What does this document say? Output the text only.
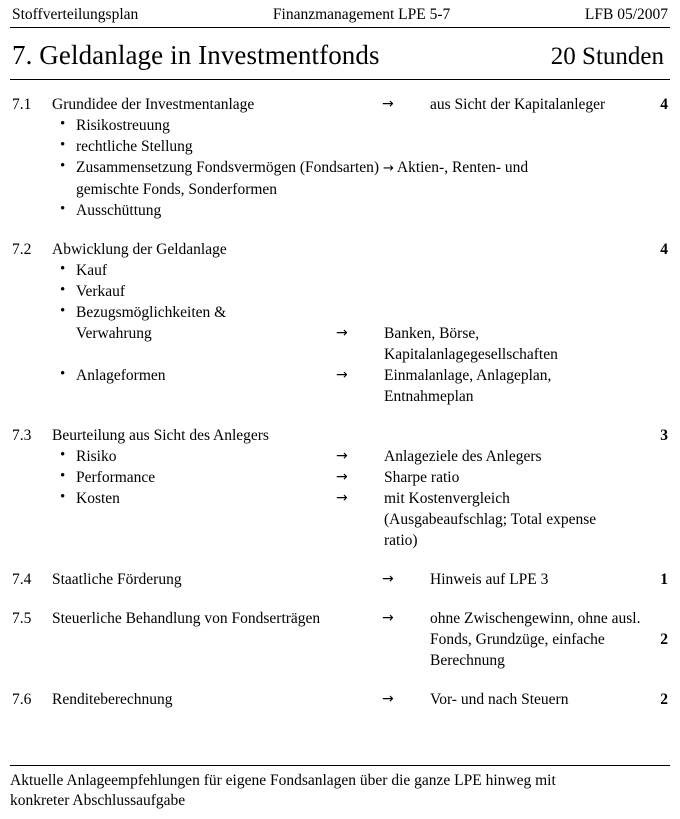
Stoffverteilungsplan	Finanzmanagement LPE 5-7	LFB 05/2007
7. Geldanlage in Investmentfonds	20 Stunden
7.1	Grundidee der Investmentanlage	→	aus Sicht der Kapitalanleger	4
• Risikostreuung
• rechtliche Stellung
• Zusammensetzung Fondsvermögen (Fondsarten) → Aktien-, Renten- und
gemischte Fonds, Sonderformen
• Ausschüttung
7.2	Abwicklung der Geldanlage	4
• Kauf
• Verkauf
• Bezugsmöglichkeiten &
Verwahrung	→	Banken, Börse,
Kapitalanlagegesellschaften
• Anlageformen	→	Einmalanlage, Anlageplan,
Entnahmeplan
7.3	Beurteilung aus Sicht des Anlegers	3
• Risiko	→	Anlageziele des Anlegers
• Performance	→	Sharpe ratio
• Kosten	→	mit Kostenvergleich
(Ausgabeaufschlag; Total expense
ratio)
7.4	Staatliche Förderung	→	Hinweis auf LPE 3	1
7.5	Steuerliche Behandlung von Fondserträgen	→	ohne Zwischengewinn, ohne ausl.
Fonds, Grundzüge, einfache	2
Berechnung
7.6	Renditeberechnung	→	Vor- und nach Steuern	2
Aktuelle Anlageempfehlungen für eigene Fondsanlagen über die ganze LPE hinweg mit
konkreter Abschlussaufgabe
